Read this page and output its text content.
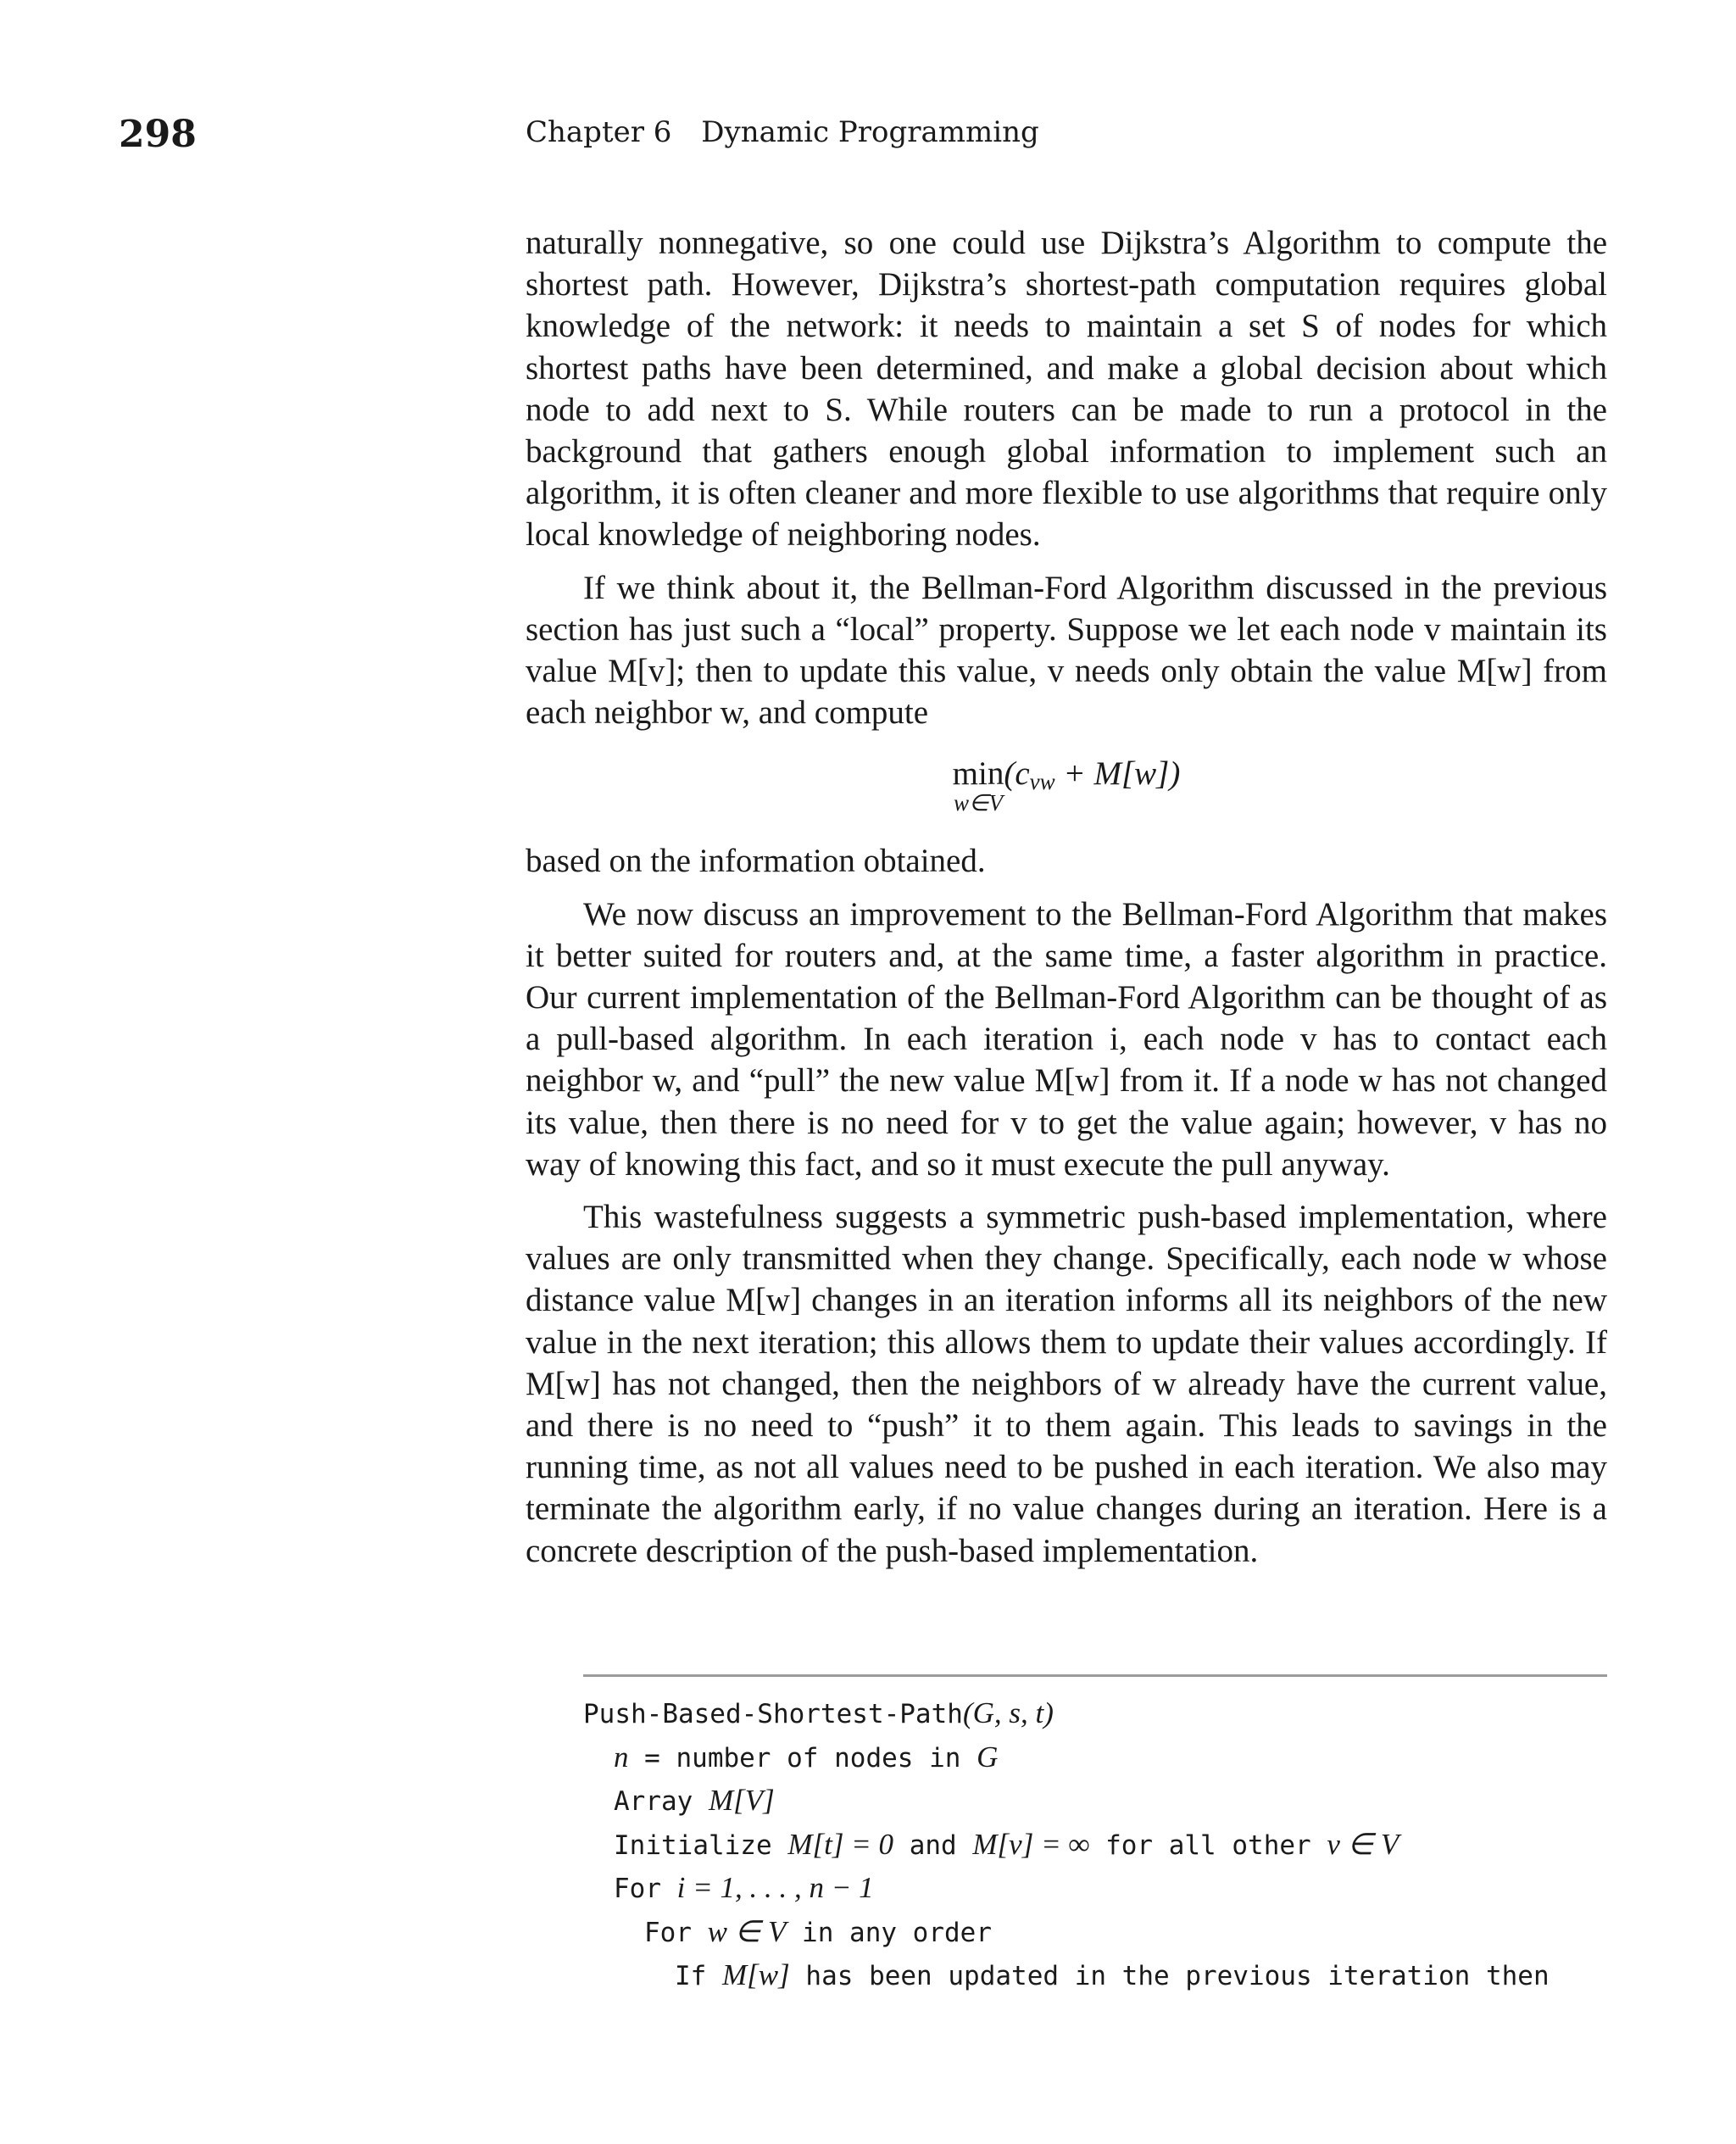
298	Chapter 6 Dynamic Programming

naturally nonnegative, so one could use Dijkstra’s Algorithm to compute the shortest path. However, Dijkstra’s shortest-path computation requires global knowledge of the network: it needs to maintain a set S of nodes for which shortest paths have been determined, and make a global decision about which node to add next to S. While routers can be made to run a protocol in the background that gathers enough global information to implement such an algorithm, it is often cleaner and more flexible to use algorithms that require only local knowledge of neighboring nodes.

If we think about it, the Bellman-Ford Algorithm discussed in the previous section has just such a “local” property. Suppose we let each node v maintain its value M[v]; then to update this value, v needs only obtain the value M[w] from each neighbor w, and compute

min
w∈V
(cvw + M[w])

based on the information obtained.

We now discuss an improvement to the Bellman-Ford Algorithm that makes it better suited for routers and, at the same time, a faster algorithm in practice. Our current implementation of the Bellman-Ford Algorithm can be thought of as a pull-based algorithm. In each iteration i, each node v has to contact each neighbor w, and “pull” the new value M[w] from it. If a node w has not changed its value, then there is no need for v to get the value again; however, v has no way of knowing this fact, and so it must execute the pull anyway.

This wastefulness suggests a symmetric push-based implementation, where values are only transmitted when they change. Specifically, each node w whose distance value M[w] changes in an iteration informs all its neighbors of the new value in the next iteration; this allows them to update their values accordingly. If M[w] has not changed, then the neighbors of w already have the current value, and there is no need to “push” it to them again. This leads to savings in the running time, as not all values need to be pushed in each iteration. We also may terminate the algorithm early, if no value changes during an iteration. Here is a concrete description of the push-based implementation.

Push-Based-Shortest-Path(G, s, t)
n = number of nodes in G
Array M[V]
Initialize M[t] = 0 and M[v] = ∞ for all other v ∈ V
For i = 1, . . . , n − 1
For w ∈ V in any order
If M[w] has been updated in the previous iteration then
